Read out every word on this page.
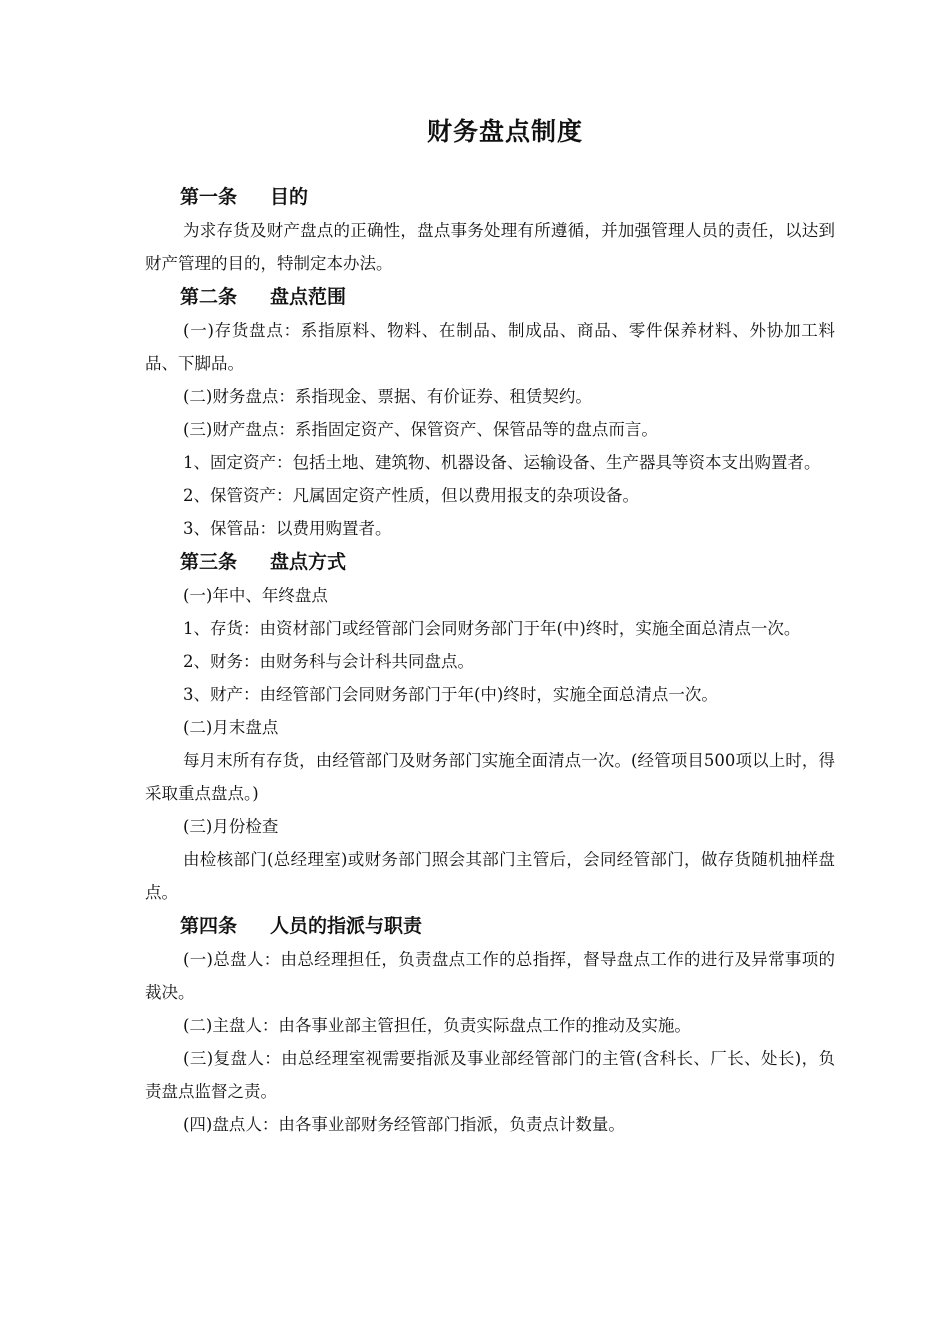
财务盘点制度
第一条 目的

为求存货及财产盘点的正确性，盘点事务处理有所遵循，并加强管理人员的责任，以达到财产管理的目的，特制定本办法。

第二条 盘点范围

(一)存货盘点：系指原料、物料、在制品、制成品、商品、零件保养材料、外协加工料品、下脚品。

(二)财务盘点：系指现金、票据、有价证券、租赁契约。

(三)财产盘点：系指固定资产、保管资产、保管品等的盘点而言。

1、固定资产：包括土地、建筑物、机器设备、运输设备、生产器具等资本支出购置者。

2、保管资产：凡属固定资产性质，但以费用报支的杂项设备。

3、保管品：以费用购置者。

第三条 盘点方式

(一)年中、年终盘点

1、存货：由资材部门或经管部门会同财务部门于年(中)终时，实施全面总清点一次。

2、财务：由财务科与会计科共同盘点。

3、财产：由经管部门会同财务部门于年(中)终时，实施全面总清点一次。

(二)月末盘点

每月末所有存货，由经管部门及财务部门实施全面清点一次。(经管项目500项以上时，得采取重点盘点。)

(三)月份检查

由检核部门(总经理室)或财务部门照会其部门主管后，会同经管部门，做存货随机抽样盘点。

第四条 人员的指派与职责

(一)总盘人：由总经理担任，负责盘点工作的总指挥，督导盘点工作的进行及异常事项的裁决。

(二)主盘人：由各事业部主管担任，负责实际盘点工作的推动及实施。

(三)复盘人：由总经理室视需要指派及事业部经管部门的主管(含科长、厂长、处长)，负责盘点监督之责。

(四)盘点人：由各事业部财务经管部门指派，负责点计数量。
